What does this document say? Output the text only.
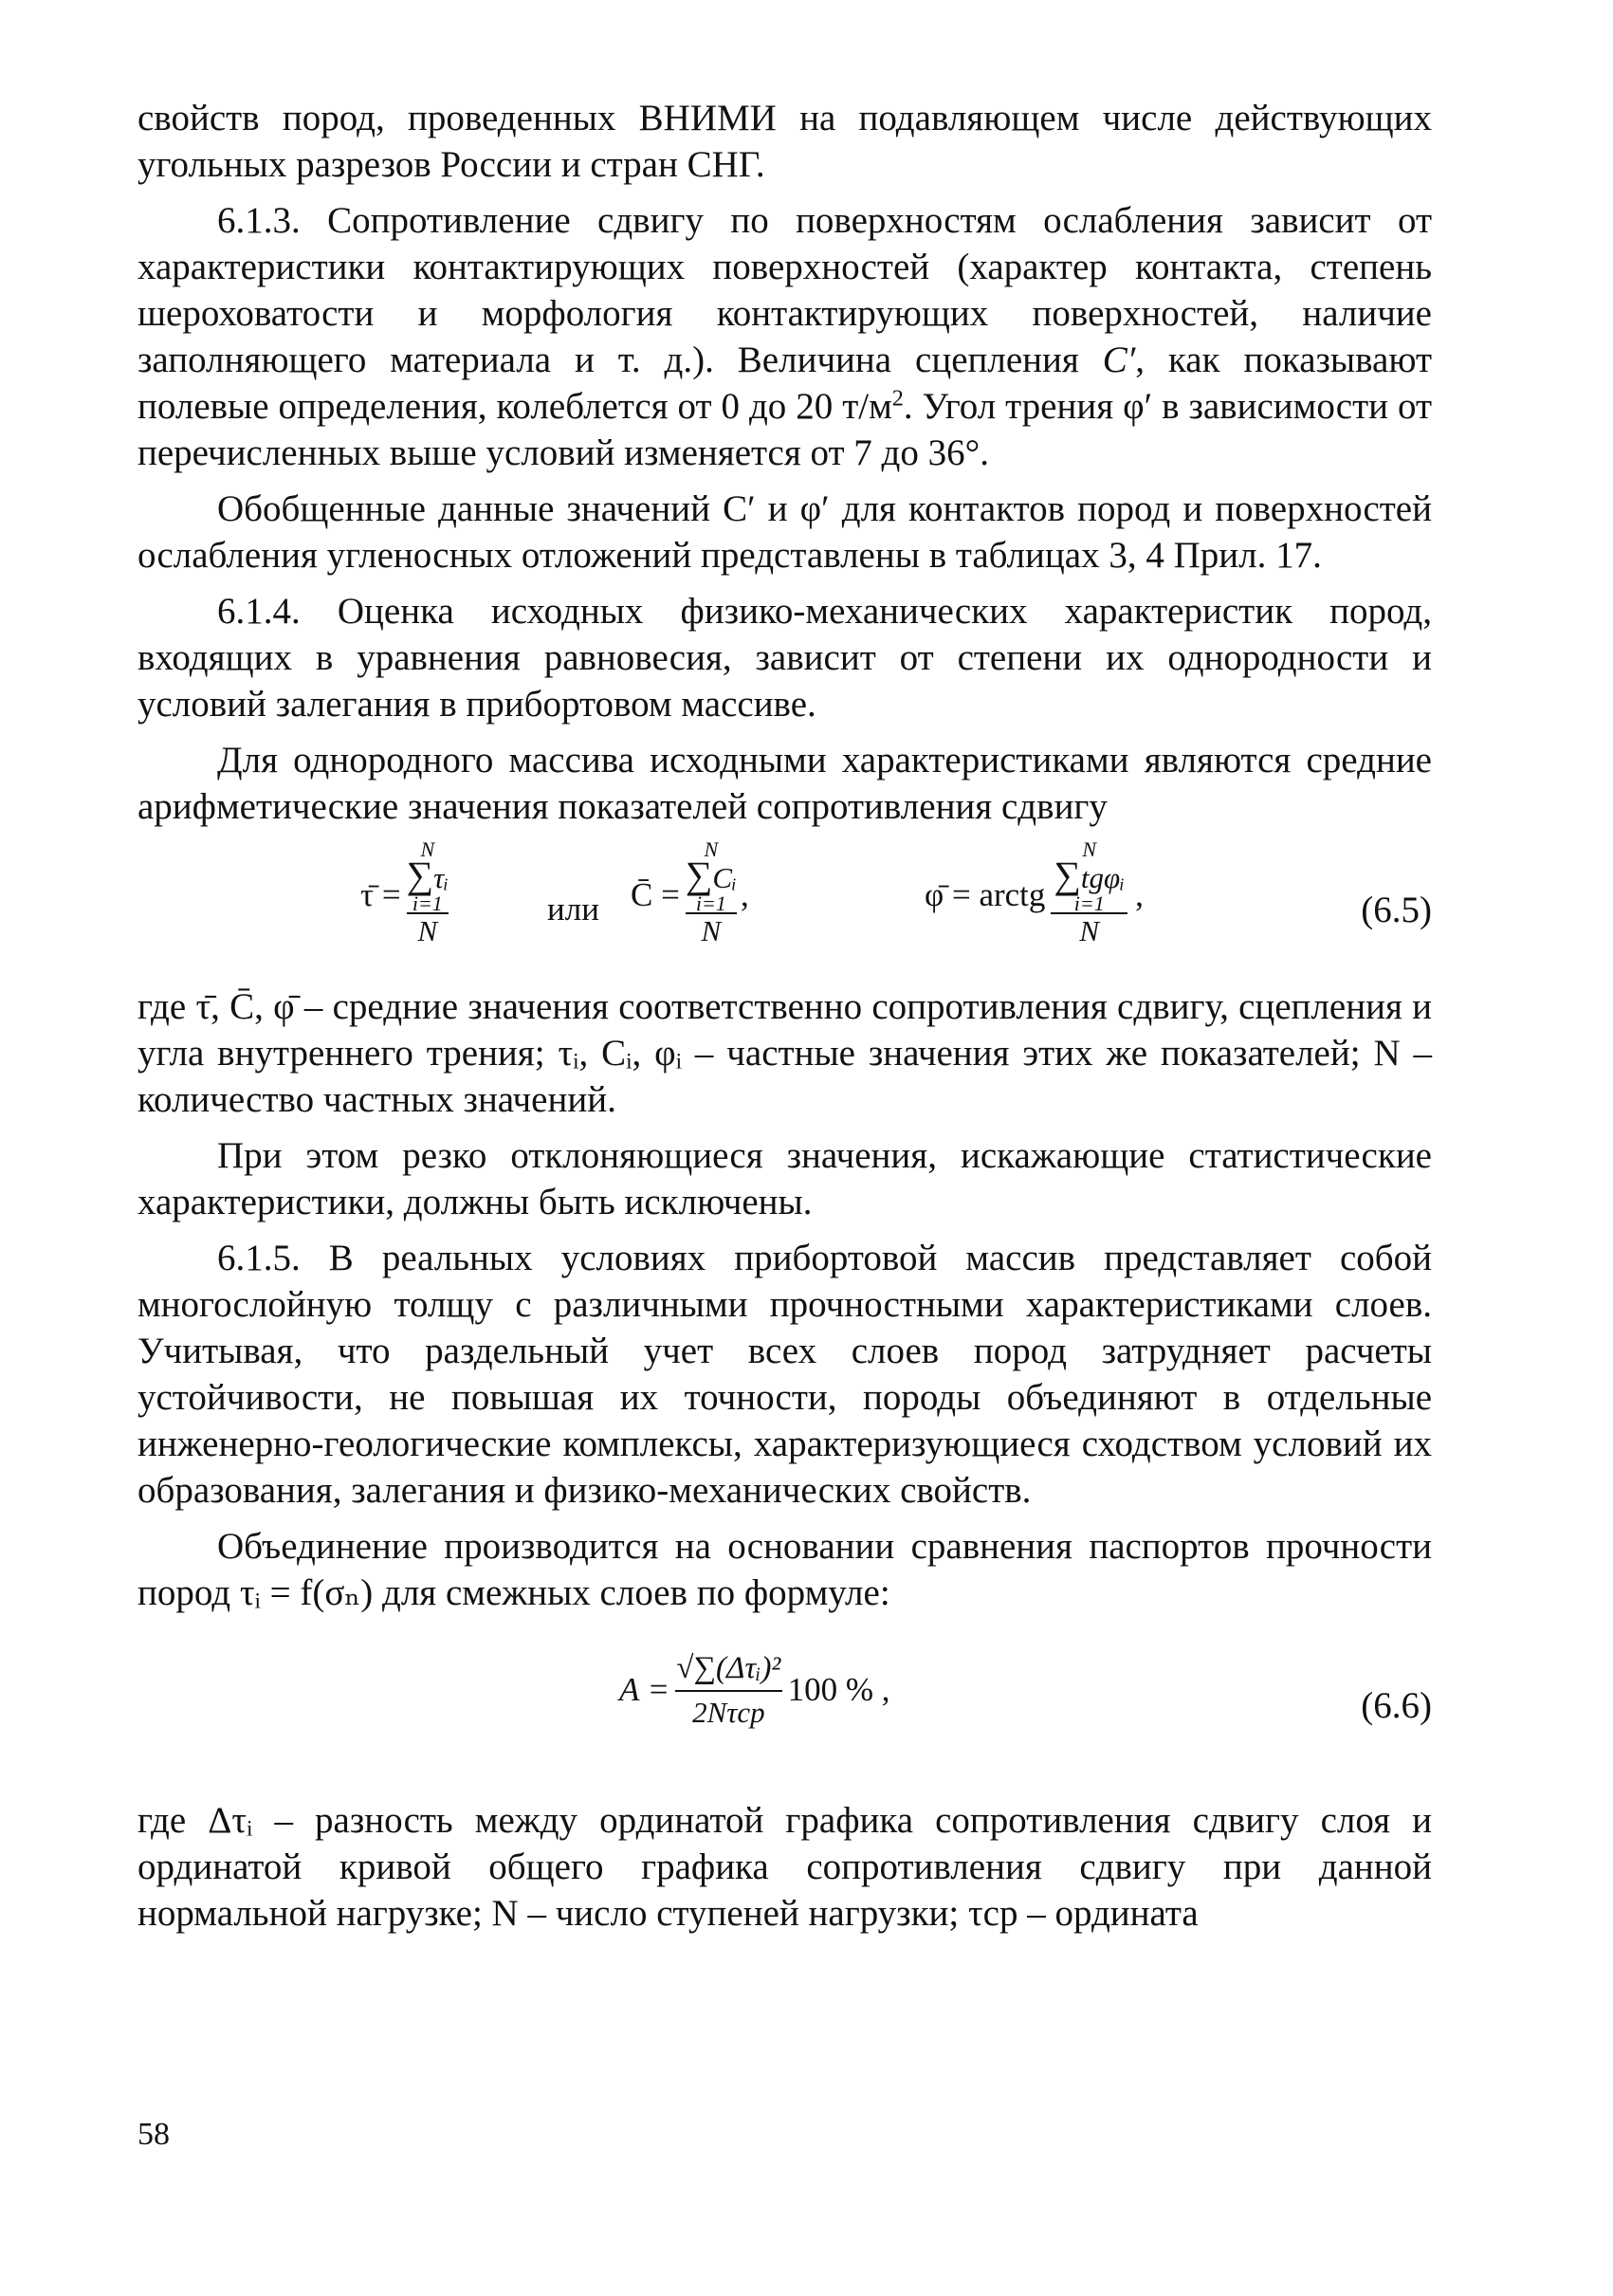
свойств пород, проведенных ВНИМИ на подавляющем числе действующих угольных разрезов России и стран СНГ.

6.1.3. Сопротивление сдвигу по поверхностям ослабления зависит от характеристики контактирующих поверхностей (характер контакта, степень шероховатости и морфология контактирующих поверхностей, наличие заполняющего материала и т. д.). Величина сцепления C′, как показывают полевые определения, колеблется от 0 до 20 $т/м^2$. Угол трения φ′ в зависимости от перечисленных выше условий изменяется от 7 до 36°.

Обобщенные данные значений C′ и φ′ для контактов пород и поверхностей ослабления угленосных отложений представлены в таблицах 3, 4 Прил. 17.

6.1.4. Оценка исходных физико-механических характеристик пород, входящих в уравнения равновесия, зависит от степени их однородности и условий залегания в прибортовом массиве.

Для однородного массива исходными характеристиками являются средние арифметические значения показателей сопротивления сдвигу

τ̄ = N
∑τᵢ
i=1
N	или C̄ = N
∑Cᵢ
i=1
N ,	φ̄ = arctg N
∑tgφᵢ
i=1
N ,	(6.5)

где τ̄, C̄, φ̄ – средние значения соответственно сопротивления сдвигу, сцепления и угла внутреннего трения; τᵢ, Cᵢ, φᵢ – частные значения этих же показателей; N – количество частных значений.

При этом резко отклоняющиеся значения, искажающие статистические характеристики, должны быть исключены.

6.1.5. В реальных условиях прибортовой массив представляет собой многослойную толщу с различными прочностными характеристиками слоев. Учитывая, что раздельный учет всех слоев пород затрудняет расчеты устойчивости, не повышая их точности, породы объединяют в отдельные инженерно-геологические комплексы, характеризующиеся сходством условий их образования, залегания и физико-механических свойств.

Объединение производится на основании сравнения паспортов прочности пород τᵢ = f(σₙ) для смежных слоев по формуле:

$A = \frac{\text{√∑(Δτᵢ)²}}{\text{2Nτср}} 100$ % ,	(6.6)

где Δτᵢ – разность между ординатой графика сопротивления сдвигу слоя и ординатой кривой общего графика сопротивления сдвигу при данной нормальной нагрузке; N – число ступеней нагрузки; τср – ордината

58
